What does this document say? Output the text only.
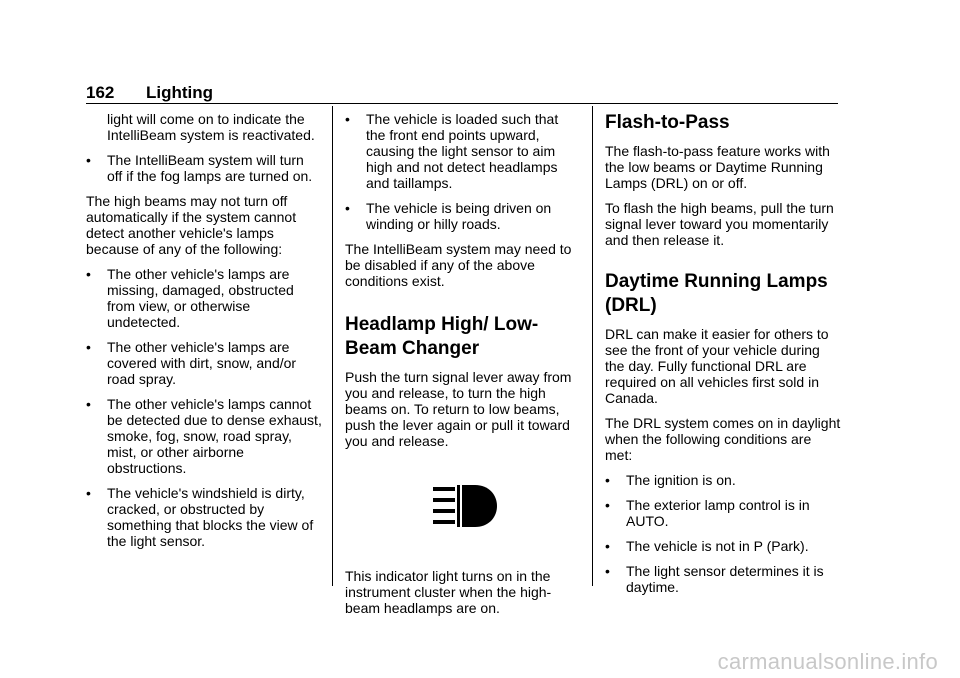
162 Lighting

light will come on to indicate the IntelliBeam system is reactivated.

• The IntelliBeam system will turn off if the fog lamps are turned on.

The high beams may not turn off automatically if the system cannot detect another vehicle's lamps because of any of the following:

• The other vehicle's lamps are missing, damaged, obstructed from view, or otherwise undetected.
• The other vehicle's lamps are covered with dirt, snow, and/or road spray.
• The other vehicle's lamps cannot be detected due to dense exhaust, smoke, fog, snow, road spray, mist, or other airborne obstructions.
• The vehicle's windshield is dirty, cracked, or obstructed by something that blocks the view of the light sensor.
• The vehicle is loaded such that the front end points upward, causing the light sensor to aim high and not detect headlamps and taillamps.
• The vehicle is being driven on winding or hilly roads.

The IntelliBeam system may need to be disabled if any of the above conditions exist.

Headlamp High/ Low-Beam Changer

Push the turn signal lever away from you and release, to turn the high beams on. To return to low beams, push the lever again or pull it toward you and release.

This indicator light turns on in the instrument cluster when the high-beam headlamps are on.

Flash-to-Pass

The flash-to-pass feature works with the low beams or Daytime Running Lamps (DRL) on or off.

To flash the high beams, pull the turn signal lever toward you momentarily and then release it.

Daytime Running Lamps (DRL)

DRL can make it easier for others to see the front of your vehicle during the day. Fully functional DRL are required on all vehicles first sold in Canada.

The DRL system comes on in daylight when the following conditions are met:

• The ignition is on.
• The exterior lamp control is in AUTO.
• The vehicle is not in P (Park).
• The light sensor determines it is daytime.
carmanualsonline.info
